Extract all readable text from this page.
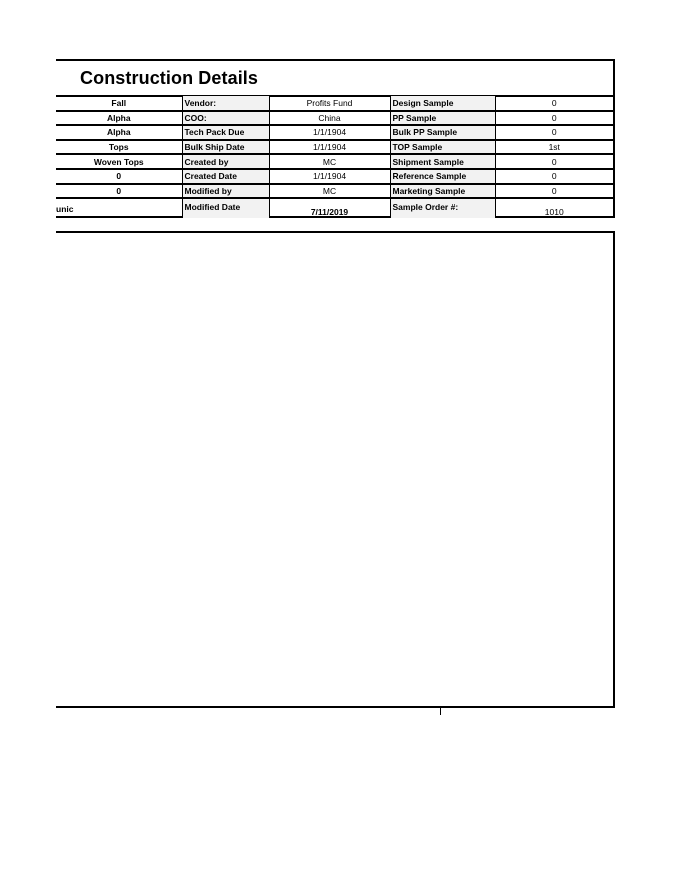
Construction Details
Fall	Vendor:	Profits Fund	Design Sample	0
Alpha	COO:	China	PP Sample	0
Alpha	Tech Pack Due	1/1/1904	Bulk PP Sample	0
Tops	Bulk Ship Date	1/1/1904	TOP Sample	1st
Woven Tops	Created by	MC	Shipment Sample	0
0	Created Date	1/1/1904	Reference Sample	0
0	Modified by	MC	Marketing Sample	0
unic	Modified Date	7/11/2019	Sample Order #:	1010
